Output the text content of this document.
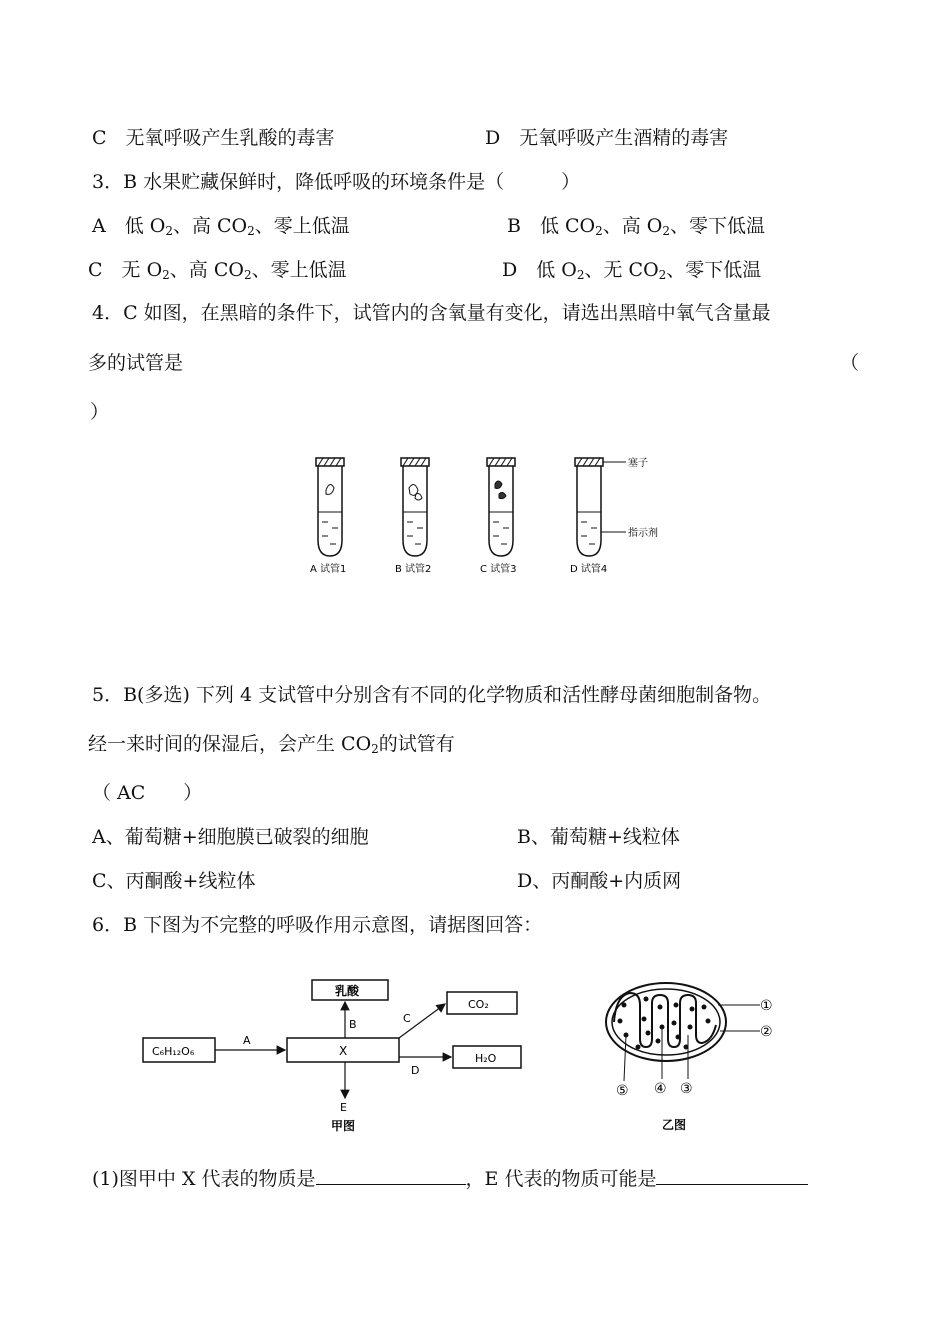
C　无氧呼吸产生乳酸的毒害	D　无氧呼吸产生酒精的毒害
3．B 水果贮藏保鲜时，降低呼吸的环境条件是（　　　）
A　低 $O_2$、高 $CO_2$、零上低温	B　低 $CO_2$、高 $O_2$、零下低温
C　无 $O_2$、高 $CO_2$、零上低温	D　低 $O_2$、无 $CO_2$、零下低温
4．C 如图，在黑暗的条件下，试管内的含氧量有变化，请选出黑暗中氧气含量最
多的试管是	（
）
A 试管1	B 试管2	C 试管3
塞子
指示剂
D 试管4
5．B(多选) 下列 4 支试管中分别含有不同的化学物质和活性酵母菌细胞制备物。
经一来时间的保湿后，会产生 $CO_2$的试管有
（ AC　　）
A、葡萄糖+细胞膜已破裂的细胞	B、葡萄糖+线粒体
C、丙酮酸+线粒体	D、丙酮酸+内质网
6．B 下图为不完整的呼吸作用示意图，请据图回答：
乳酸
CO₂
C₆H₁₂O₆	X
H₂O
A
B	C
D
E
甲图
①
②
⑤ ④ ③
乙图
(1)图甲中 X 代表的物质是	，E 代表的物质可能是
